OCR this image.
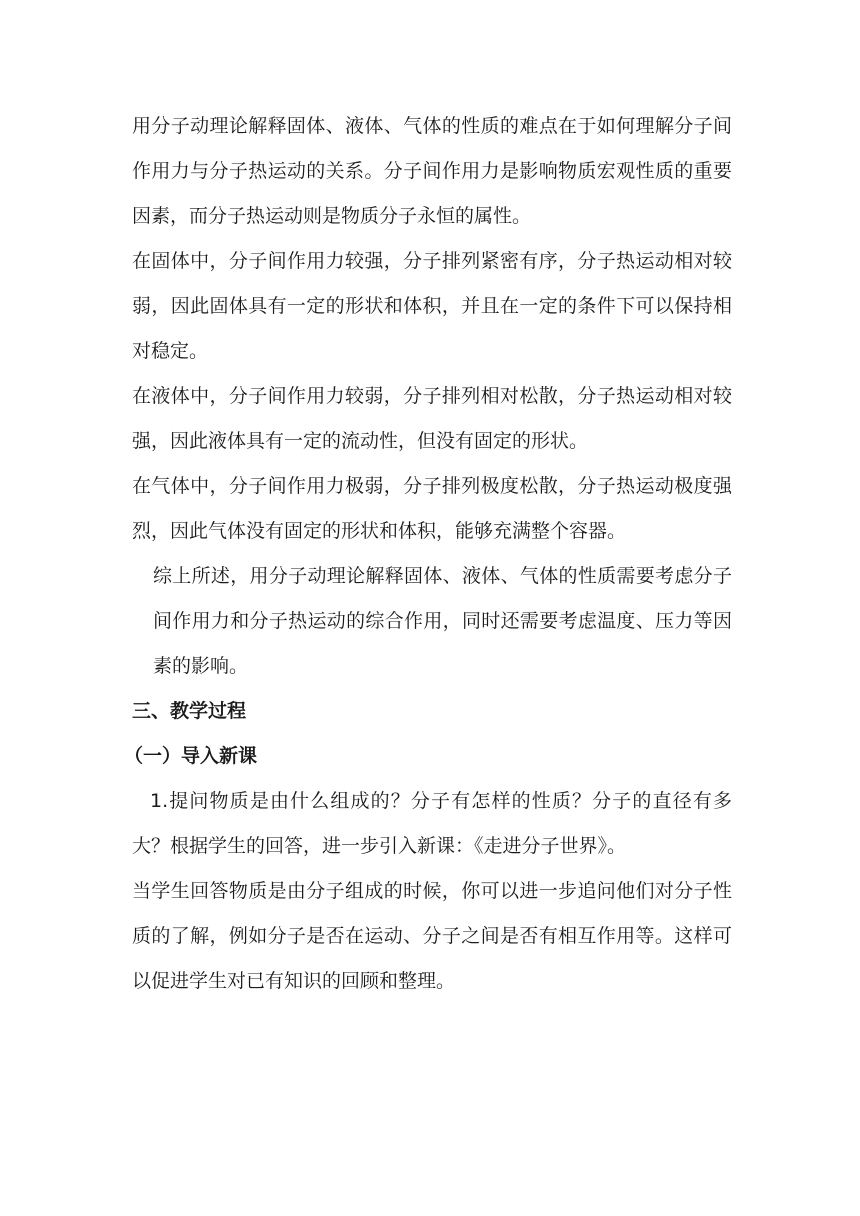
用分子动理论解释固体、液体、气体的性质的难点在于如何理解分子间作用力与分子热运动的关系。分子间作用力是影响物质宏观性质的重要因素，而分子热运动则是物质分子永恒的属性。

在固体中，分子间作用力较强，分子排列紧密有序，分子热运动相对较弱，因此固体具有一定的形状和体积，并且在一定的条件下可以保持相对稳定。

在液体中，分子间作用力较弱，分子排列相对松散，分子热运动相对较强，因此液体具有一定的流动性，但没有固定的形状。

在气体中，分子间作用力极弱，分子排列极度松散，分子热运动极度强烈，因此气体没有固定的形状和体积，能够充满整个容器。

综上所述，用分子动理论解释固体、液体、气体的性质需要考虑分子间作用力和分子热运动的综合作用，同时还需要考虑温度、压力等因素的影响。

三、教学过程
（一）导入新课

1.提问物质是由什么组成的？分子有怎样的性质？分子的直径有多大？根据学生的回答，进一步引入新课：《走进分子世界》。

当学生回答物质是由分子组成的时候，你可以进一步追问他们对分子性质的了解，例如分子是否在运动、分子之间是否有相互作用等。这样可以促进学生对已有知识的回顾和整理。
